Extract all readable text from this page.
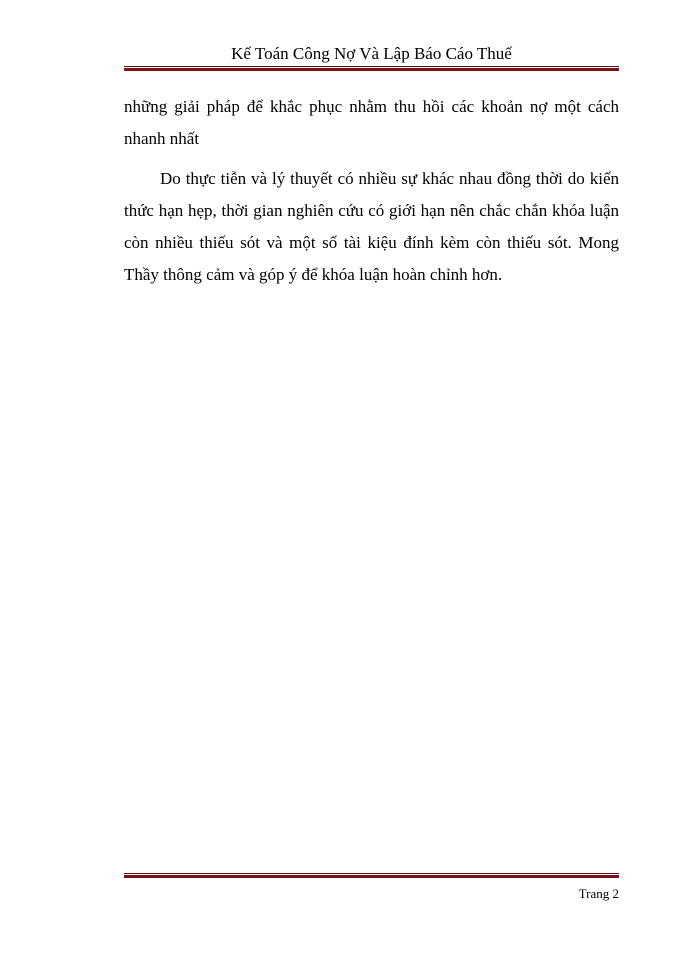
Kế Toán Công Nợ Và Lập Báo Cáo Thuế

những giải pháp để khắc phục nhằm thu hồi các khoản nợ một cách nhanh nhất

Do thực tiễn và lý thuyết có nhiều sự khác nhau đồng thời do kiến thức hạn hẹp, thời gian nghiên cứu có giới hạn nên chắc chắn khóa luận còn nhiều thiếu sót và một số tài kiệu đính kèm còn thiếu sót. Mong Thầy thông cảm và góp ý để khóa luận hoàn chỉnh hơn.

Trang 2
